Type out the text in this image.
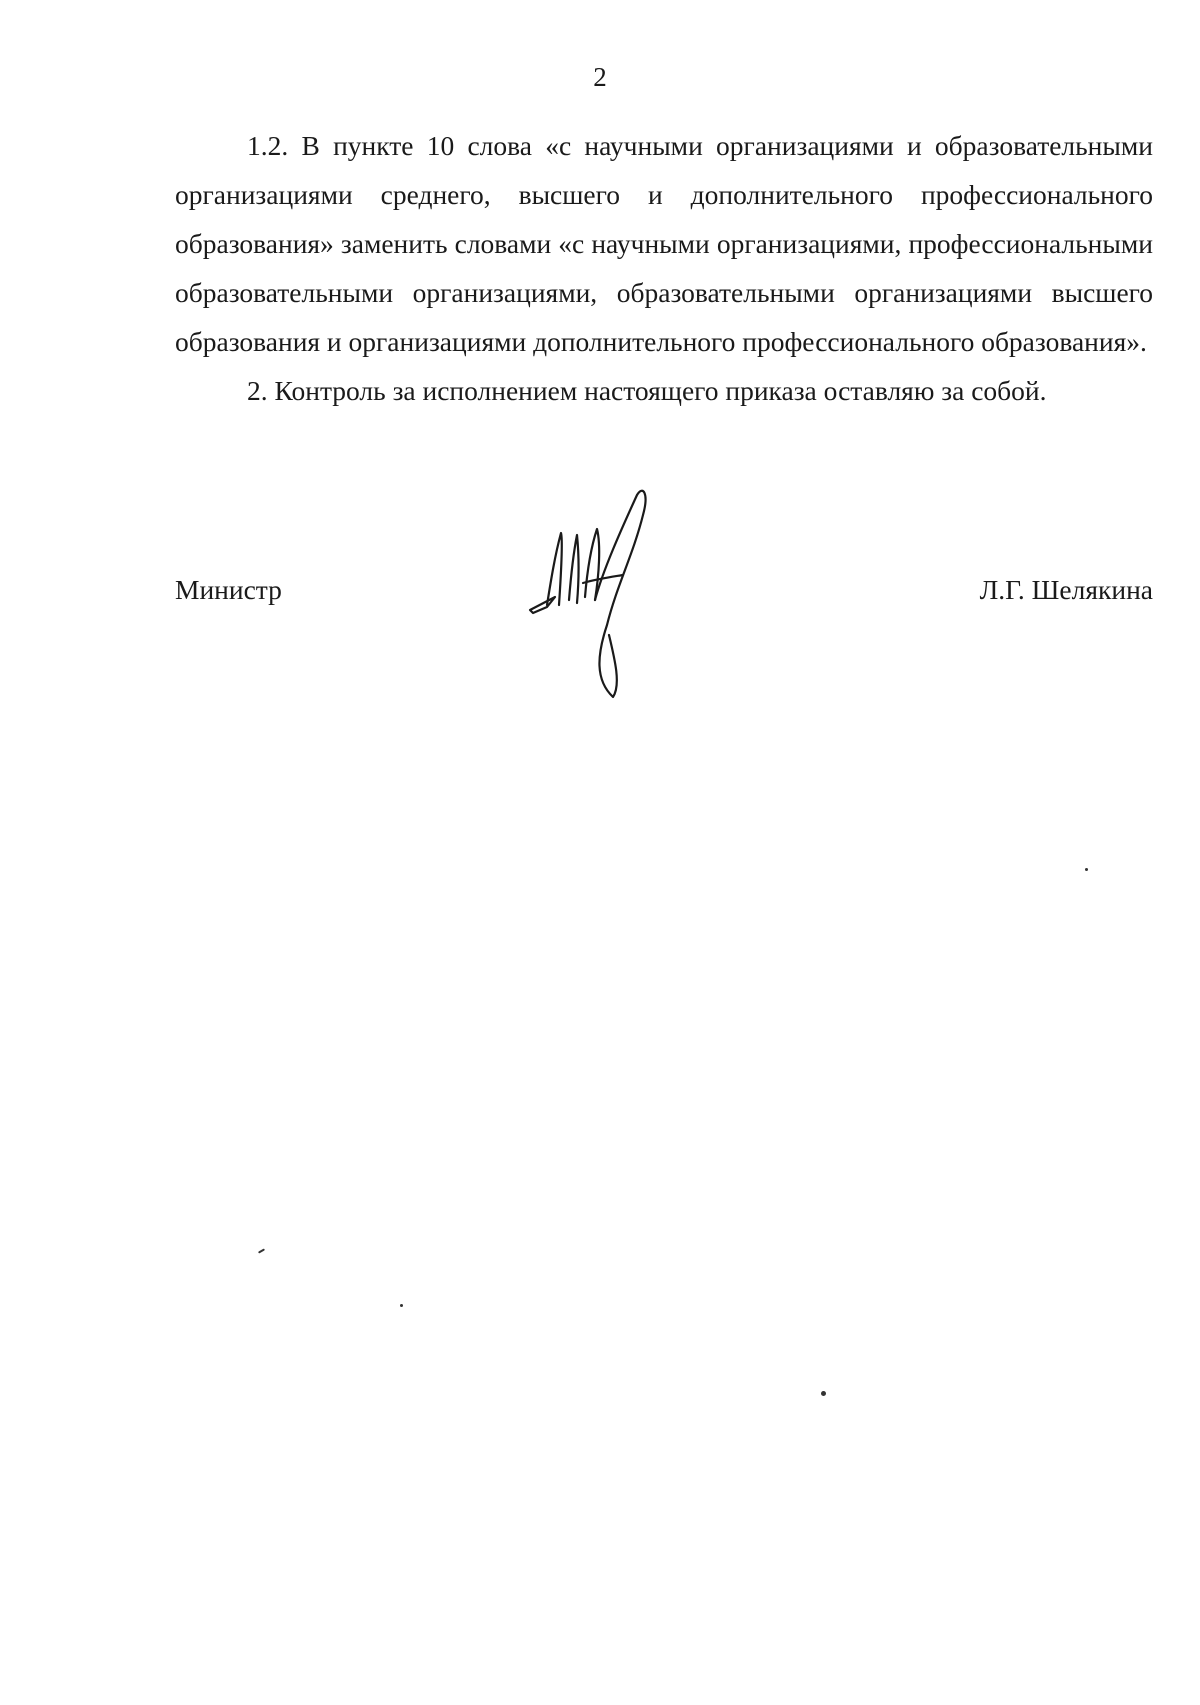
2

1.2. В пункте 10 слова «с научными организациями и образовательными организациями среднего, высшего и дополнительного профессионального образования» заменить словами «с научными организациями, профессиональными образовательными организациями, образовательными организациями высшего образования и организациями дополнительного профессионального образования».

2. Контроль за исполнением настоящего приказа оставляю за собой.

Министр	Л.Г. Шелякина
